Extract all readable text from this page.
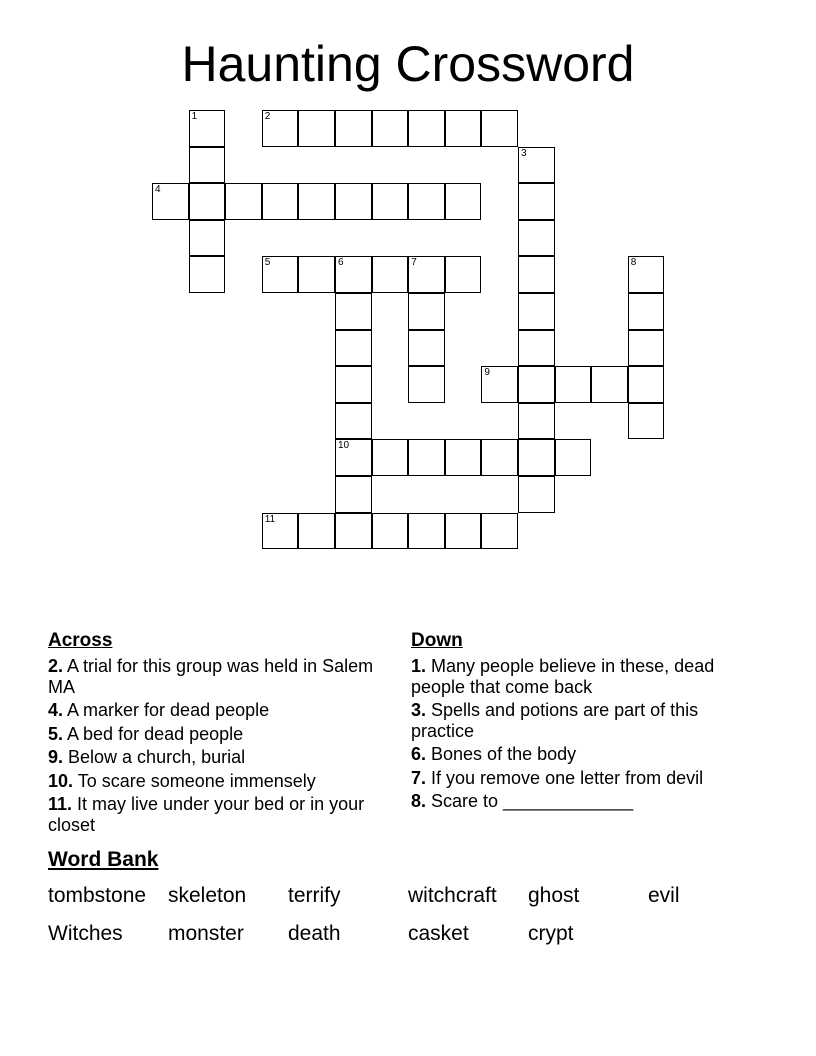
Haunting Crossword
2
4
5	6	7
9
10
11
1
3
8
Across
2. A trial for this group was held in Salem MA
4. A marker for dead people
5. A bed for dead people
9. Below a church, burial
10. To scare someone immensely
11. It may live under your bed or in your closet
Down
1. Many people believe in these, dead people that come back
3. Spells and potions are part of this practice
6. Bones of the body
7. If you remove one letter from devil
8. Scare to _____________
Word Bank
tombstone skeleton terrify	witchcraft ghost	evil
Witches monster death	casket	crypt
